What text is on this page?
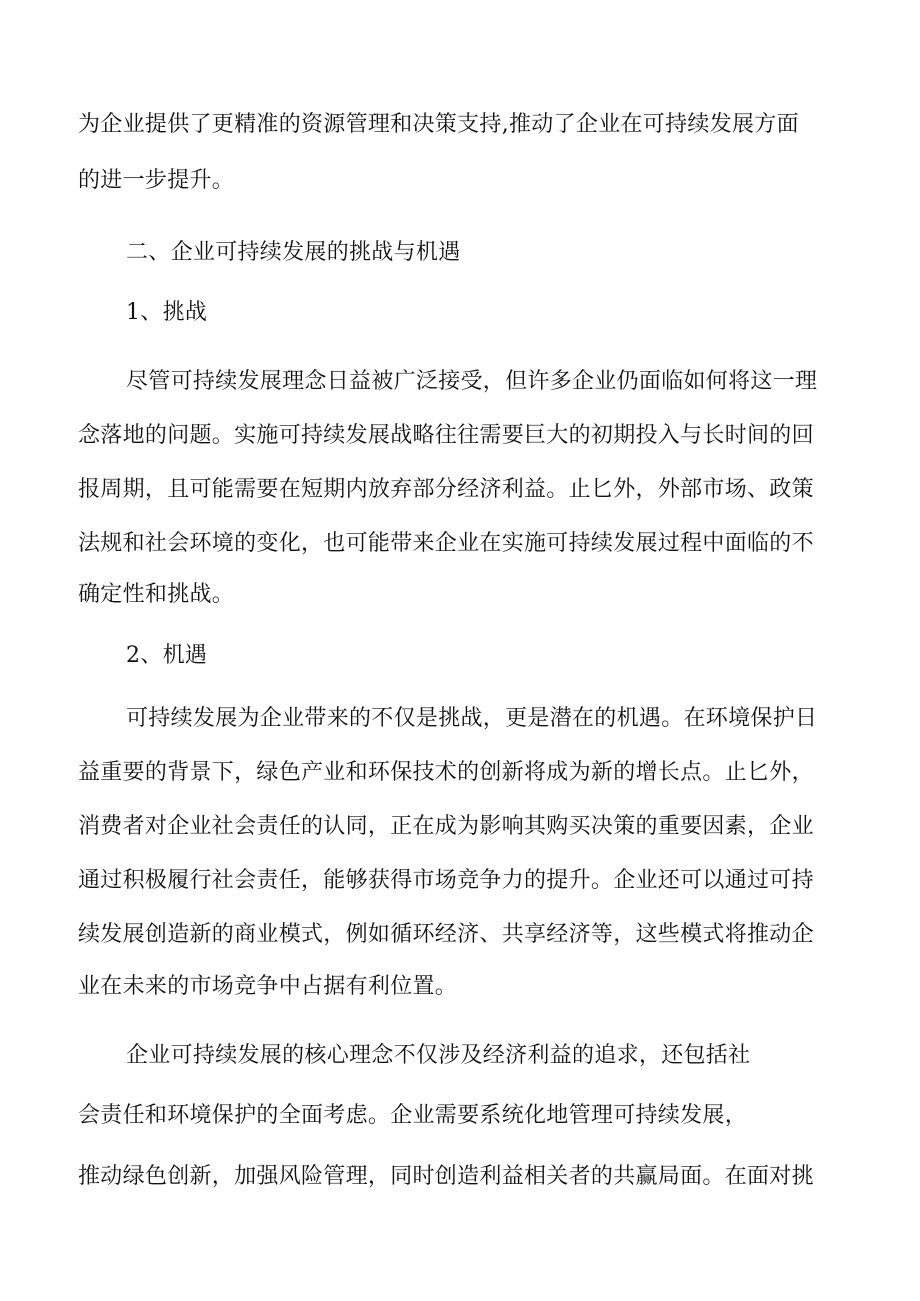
为企业提供了更精准的资源管理和决策支持,推动了企业在可持续发展方面
的进一步提升。
二、企业可持续发展的挑战与机遇
1、挑战
尽管可持续发展理念日益被广泛接受，但许多企业仍面临如何将这一理
念落地的问题。实施可持续发展战略往往需要巨大的初期投入与长时间的回
报周期，且可能需要在短期内放弃部分经济利益。止匕外，外部市场、政策
法规和社会环境的变化，也可能带来企业在实施可持续发展过程中面临的不
确定性和挑战。
2、机遇
可持续发展为企业带来的不仅是挑战，更是潜在的机遇。在环境保护日
益重要的背景下，绿色产业和环保技术的创新将成为新的增长点。止匕外，
消费者对企业社会责任的认同，正在成为影响其购买决策的重要因素，企业
通过积极履行社会责任，能够获得市场竞争力的提升。企业还可以通过可持
续发展创造新的商业模式，例如循环经济、共享经济等，这些模式将推动企
业在未来的市场竞争中占据有利位置。
企业可持续发展的核心理念不仅涉及经济利益的追求，还包括社
会责任和环境保护的全面考虑。企业需要系统化地管理可持续发展，
推动绿色创新，加强风险管理，同时创造利益相关者的共赢局面。在面对挑
